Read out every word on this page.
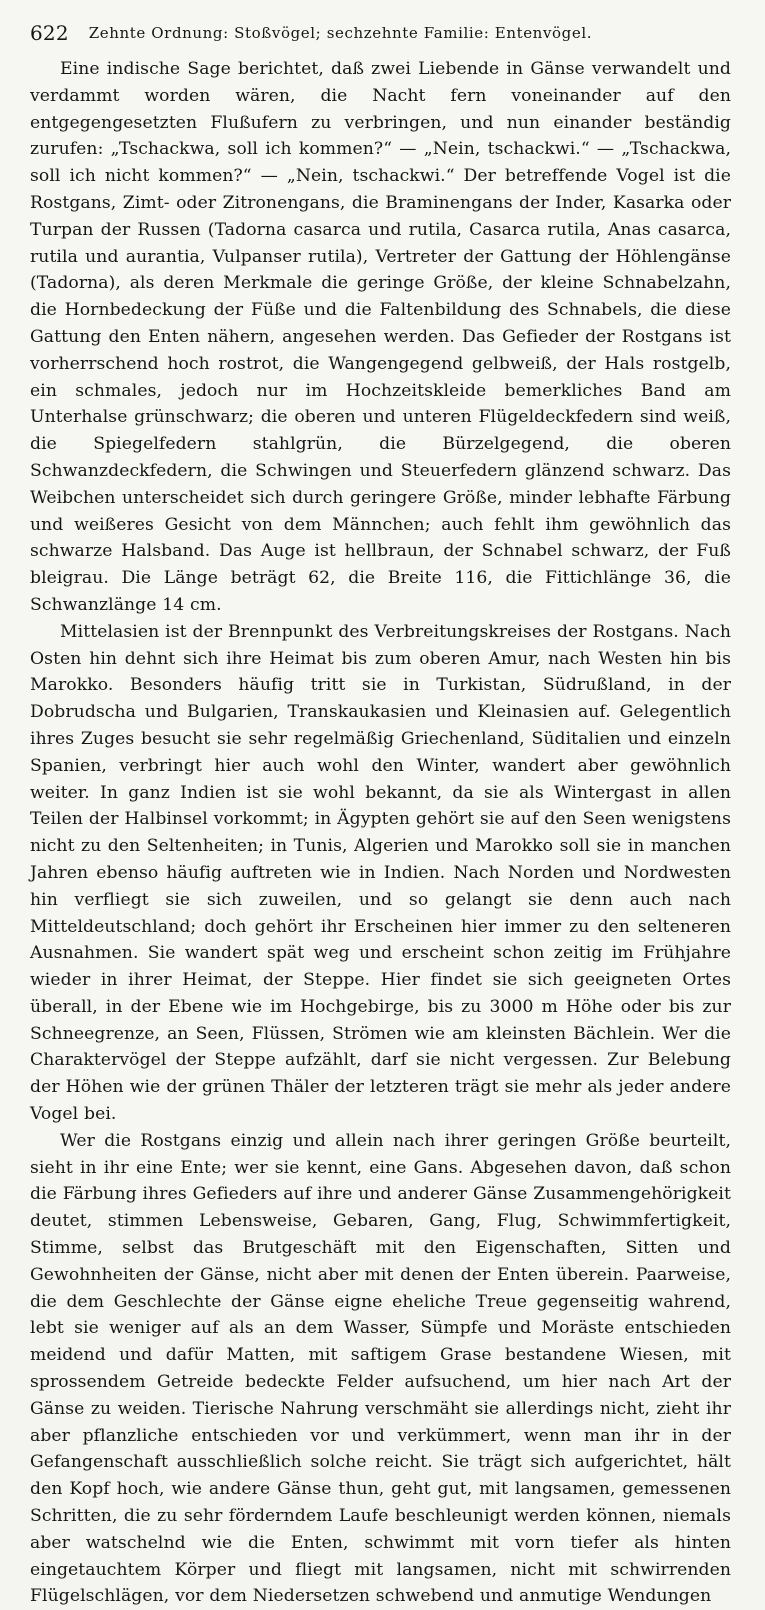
622 Zehnte Ordnung: Stoßvögel; sechzehnte Familie: Entenvögel.

Eine indische Sage berichtet, daß zwei Liebende in Gänse verwandelt und verdammt worden wären, die Nacht fern voneinander auf den entgegengesetzten Flußufern zu verbringen, und nun einander beständig zurufen: „Tschackwa, soll ich kommen?“ — „Nein, tschackwi.“ — „Tschackwa, soll ich nicht kommen?“ — „Nein, tschackwi.“ Der betreffende Vogel ist die Rostgans, Zimt- oder Zitronengans, die Braminengans der Inder, Kasarka oder Turpan der Russen (Tadorna casarca und rutila, Casarca rutila, Anas casarca, rutila und aurantia, Vulpanser rutila), Vertreter der Gattung der Höhlengänse (Tadorna), als deren Merkmale die geringe Größe, der kleine Schnabelzahn, die Hornbedeckung der Füße und die Faltenbildung des Schnabels, die diese Gattung den Enten nähern, angesehen werden. Das Gefieder der Rostgans ist vorherrschend hoch rostrot, die Wangengegend gelbweiß, der Hals rostgelb, ein schmales, jedoch nur im Hochzeitskleide bemerkliches Band am Unterhalse grünschwarz; die oberen und unteren Flügeldeckfedern sind weiß, die Spiegelfedern stahlgrün, die Bürzelgegend, die oberen Schwanzdeckfedern, die Schwingen und Steuerfedern glänzend schwarz. Das Weibchen unterscheidet sich durch geringere Größe, minder lebhafte Färbung und weißeres Gesicht von dem Männchen; auch fehlt ihm gewöhnlich das schwarze Halsband. Das Auge ist hellbraun, der Schnabel schwarz, der Fuß bleigrau. Die Länge beträgt 62, die Breite 116, die Fittichlänge 36, die Schwanzlänge 14 cm.

Mittelasien ist der Brennpunkt des Verbreitungskreises der Rostgans. Nach Osten hin dehnt sich ihre Heimat bis zum oberen Amur, nach Westen hin bis Marokko. Besonders häufig tritt sie in Turkistan, Südrußland, in der Dobrudscha und Bulgarien, Transkaukasien und Kleinasien auf. Gelegentlich ihres Zuges besucht sie sehr regelmäßig Griechenland, Süditalien und einzeln Spanien, verbringt hier auch wohl den Winter, wandert aber gewöhnlich weiter. In ganz Indien ist sie wohl bekannt, da sie als Wintergast in allen Teilen der Halbinsel vorkommt; in Ägypten gehört sie auf den Seen wenigstens nicht zu den Seltenheiten; in Tunis, Algerien und Marokko soll sie in manchen Jahren ebenso häufig auftreten wie in Indien. Nach Norden und Nordwesten hin verfliegt sie sich zuweilen, und so gelangt sie denn auch nach Mitteldeutschland; doch gehört ihr Erscheinen hier immer zu den selteneren Ausnahmen. Sie wandert spät weg und erscheint schon zeitig im Frühjahre wieder in ihrer Heimat, der Steppe. Hier findet sie sich geeigneten Ortes überall, in der Ebene wie im Hochgebirge, bis zu 3000 m Höhe oder bis zur Schneegrenze, an Seen, Flüssen, Strömen wie am kleinsten Bächlein. Wer die Charaktervögel der Steppe aufzählt, darf sie nicht vergessen. Zur Belebung der Höhen wie der grünen Thäler der letzteren trägt sie mehr als jeder andere Vogel bei.

Wer die Rostgans einzig und allein nach ihrer geringen Größe beurteilt, sieht in ihr eine Ente; wer sie kennt, eine Gans. Abgesehen davon, daß schon die Färbung ihres Gefieders auf ihre und anderer Gänse Zusammengehörigkeit deutet, stimmen Lebensweise, Gebaren, Gang, Flug, Schwimmfertigkeit, Stimme, selbst das Brutgeschäft mit den Eigenschaften, Sitten und Gewohnheiten der Gänse, nicht aber mit denen der Enten überein. Paarweise, die dem Geschlechte der Gänse eigne eheliche Treue gegenseitig wahrend, lebt sie weniger auf als an dem Wasser, Sümpfe und Moräste entschieden meidend und dafür Matten, mit saftigem Grase bestandene Wiesen, mit sprossendem Getreide bedeckte Felder aufsuchend, um hier nach Art der Gänse zu weiden. Tierische Nahrung verschmäht sie allerdings nicht, zieht ihr aber pflanzliche entschieden vor und verkümmert, wenn man ihr in der Gefangenschaft ausschließlich solche reicht. Sie trägt sich aufgerichtet, hält den Kopf hoch, wie andere Gänse thun, geht gut, mit langsamen, gemessenen Schritten, die zu sehr förderndem Laufe beschleunigt werden können, niemals aber watschelnd wie die Enten, schwimmt mit vorn tiefer als hinten eingetauchtem Körper und fliegt mit langsamen, nicht mit schwirrenden Flügelschlägen, vor dem Niedersetzen schwebend und anmutige Wendungen
